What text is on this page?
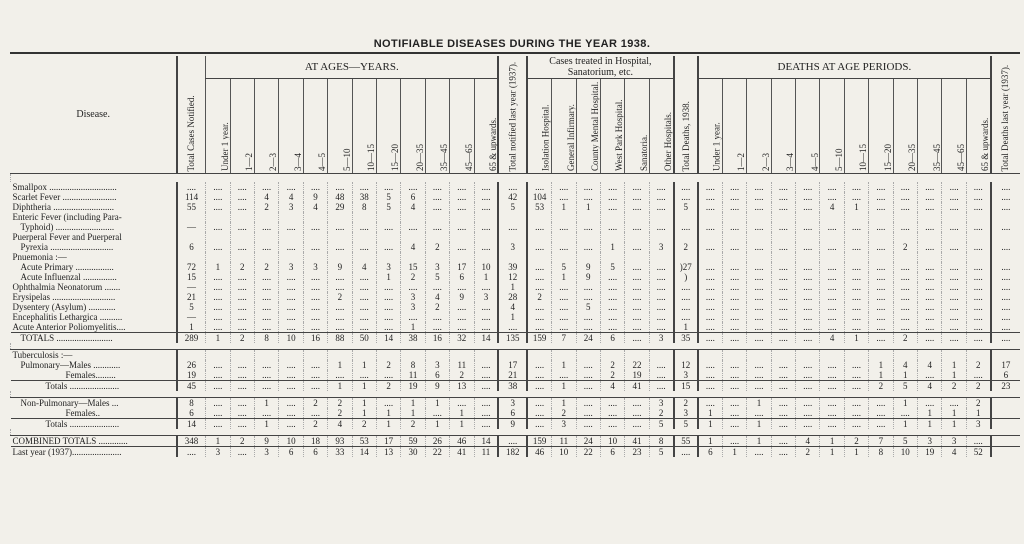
NOTIFIABLE DISEASES DURING THE YEAR 1938.
Disease.	Total Cases Notified.	AT AGES—YEARS.												Total notified last year (1937).	Cases treated in Hospital, Sanatorium, etc.						Total Deaths, 1938.	DEATHS AT AGE PERIODS.												Total Deaths last year (1937).
		Under 1 year.	1—2	2—3	3—4	4—5	5—10	10—15	15—20	20—35	35—45	45—65	65 & upwards.		Isolation Hospital.	General Infirmary.	County Mental Hospital.	West Park Hospital.	Sanatoria.	Other Hospitals.		Under 1 year.	1—2	2—3	3—4	4—5	5—10	10—15	15—20	20—35	35—45	45—65	65 & upwards.	

Smallpox ..............................	....	....	....	....	....	....	....	....	....	....	....	....	....	....	....	....	....	....	....	....	....	....	....	....	....	....	....	....	....	....	....	....	....	....
Scarlet Fever ........................	114	....	....	4	4	9	48	38	5	6	....	....	....	42	104	....	....	....	....	....	....	....	....	....	....	....	....	....	....	....	....	....	....	....
Diphtheria ...........................	55	....	....	2	3	4	29	8	5	4	....	....	....	5	53	1	1	....	....	....	5	....	....	....	....	....	4	1	....	....	....	....	....	....
Enteric Fever (including Para-																																		
Typhoid) ..........................	—	....	....	....	....	....	....	....	....	....	....	....	....	....	....	....	....	....	....	....	....	....	....	....	....	....	....	....	....	....	....	....	....	....
Puerperal Fever and Puerperal																																		
Pyrexia ............................	6	....	....	....	....	....	....	....	....	4	2	....	....	3	....	....	....	1	....	3	2	....	....	....	....	....	....	....	....	2	....	....	....	....
Pnuemonia :—																																		
Acute Primary .................	72	1	2	2	3	3	9	4	3	15	3	17	10	39	....	5	9	5	....	....	)27	....	....	....	....	....	....	....	....	....	....	....	....	....
Acute Influenzal ...............	15	....	....	....	....	....	....	....	1	2	5	6	1	12	....	1	9	....	....	....	)	....	....	....	....	....	....	....	....	....	....	....	....	....
Ophthalmia Neonatorum .......	—	....	....	....	....	....	....	....	....	....	....	....	....	1	....	....	....	....	....	....	....	....	....	....	....	....	....	....	....	....	....	....	....	....
Erysipelas ............................	21	....	....	....	....	....	2	....	....	3	4	9	3	28	2	....	....	....	....	....	....	....	....	....	....	....	....	....	....	....	....	....	....	....
Dysentery (Asylum) ............	5	....	....	....	....	....	....	....	....	3	2	....	....	4	....	....	5	....	....	....	....	....	....	....	....	....	....	....	....	....	....	....	....	....
Encephalitis Lethargica ..........	—	....	....	....	....	....	....	....	....	....	....	....	....	1	....	....	....	....	....	....	....	....	....	....	....	....	....	....	....	....	....	....	....	....
Acute Anterior Poliomyelitis....	1	....	....	....	....	....	....	....	....	1	....	....	....	....	....	....	....	....	....	....	1	....	....	....	....	....	....	....	....	....	....	....	....	....
TOTALS .........................	289	1	2	8	10	16	88	50	14	38	16	32	14	135	159	7	24	6	....	3	35	....	....	....	....	....	4	1	....	2	....	....	....	....

Tuberculosis :—																																		
Pulmonary—Males ............	26	....	....	....	....	....	1	1	2	8	3	11	....	17	....	1	....	2	22	....	12	....	....	....	....	....	....	....	1	4	4	1	2	17
Females.........	19	....	....	....	....	....	....	....	....	11	6	2	....	21	....	....	....	2	19	....	3	....	....	....	....	....	....	....	1	1	....	1	....	6
Totals ......................	45	....	....	....	....	....	1	1	2	19	9	13	....	38	....	1	....	4	41	....	15	....	....	....	....	....	....	....	2	5	4	2	2	23

Non-Pulmonary—Males ...	8	....	....	1	....	2	2	1	....	1	1	....	....	3	....	1	....	....	....	3	2	....	....	1	....	....	....	....	....	1	....	....	2	
Females..	6	....	....	....	....	....	2	1	1	1	....	1	....	6	....	2	....	....	....	2	3	1	....	....	....	....	....	....	....	....	1	1	1	
Totals ......................	14	....	....	1	....	2	4	2	1	2	1	1	....	9	....	3	....	....	....	5	5	1	....	1	....	....	....	....	....	1	1	1	3	

COMBINED TOTALS .............	348	1	2	9	10	18	93	53	17	59	26	46	14	....	159	11	24	10	41	8	55	1	....	1	....	4	1	2	7	5	3	3	....	
Last year (1937)......................	....	3	....	3	6	6	33	14	13	30	22	41	11	182	46	10	22	6	23	5	....	6	1	....	....	2	1	1	8	10	19	4	52	
